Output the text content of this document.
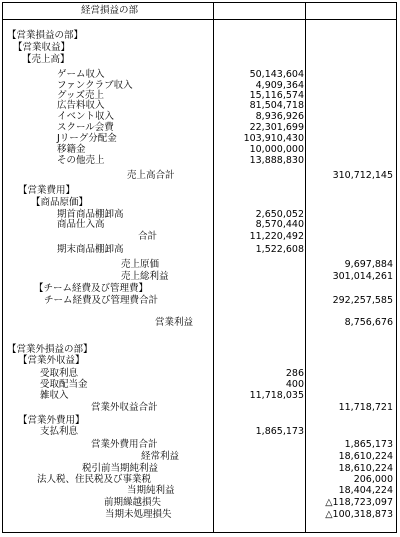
経営損益の部
【営業損益の部】
【営業収益】
【売上高】
ゲーム収入	50,143,604
ファンクラブ収入	4,909,364
グッズ売上	15,116,574
広告料収入	81,504,718
イベント収入	8,936,926
スクール会費	22,301,699
Jリーグ分配金	103,910,430
移籍金	10,000,000
その他売上	13,888,830
売上高合計	310,712,145
【営業費用】
【商品原価】
期首商品棚卸高	2,650,052
商品仕入高	8,570,440
合計	11,220,492
期末商品棚卸高	1,522,608
売上原価	9,697,884
売上総利益	301,014,261
【チーム経費及び管理費】
チーム経費及び管理費合計	292,257,585
営業利益	8,756,676
【営業外損益の部】
【営業外収益】
受取利息	286
受取配当金	400
雑収入	11,718,035
営業外収益合計	11,718,721
【営業外費用】
支払利息	1,865,173
営業外費用合計	1,865,173
経常利益	18,610,224
税引前当期純利益	18,610,224
法人税、住民税及び事業税	206,000
当期純利益	18,404,224
前期繰越損失	△118,723,097
当期未処理損失	△100,318,873
